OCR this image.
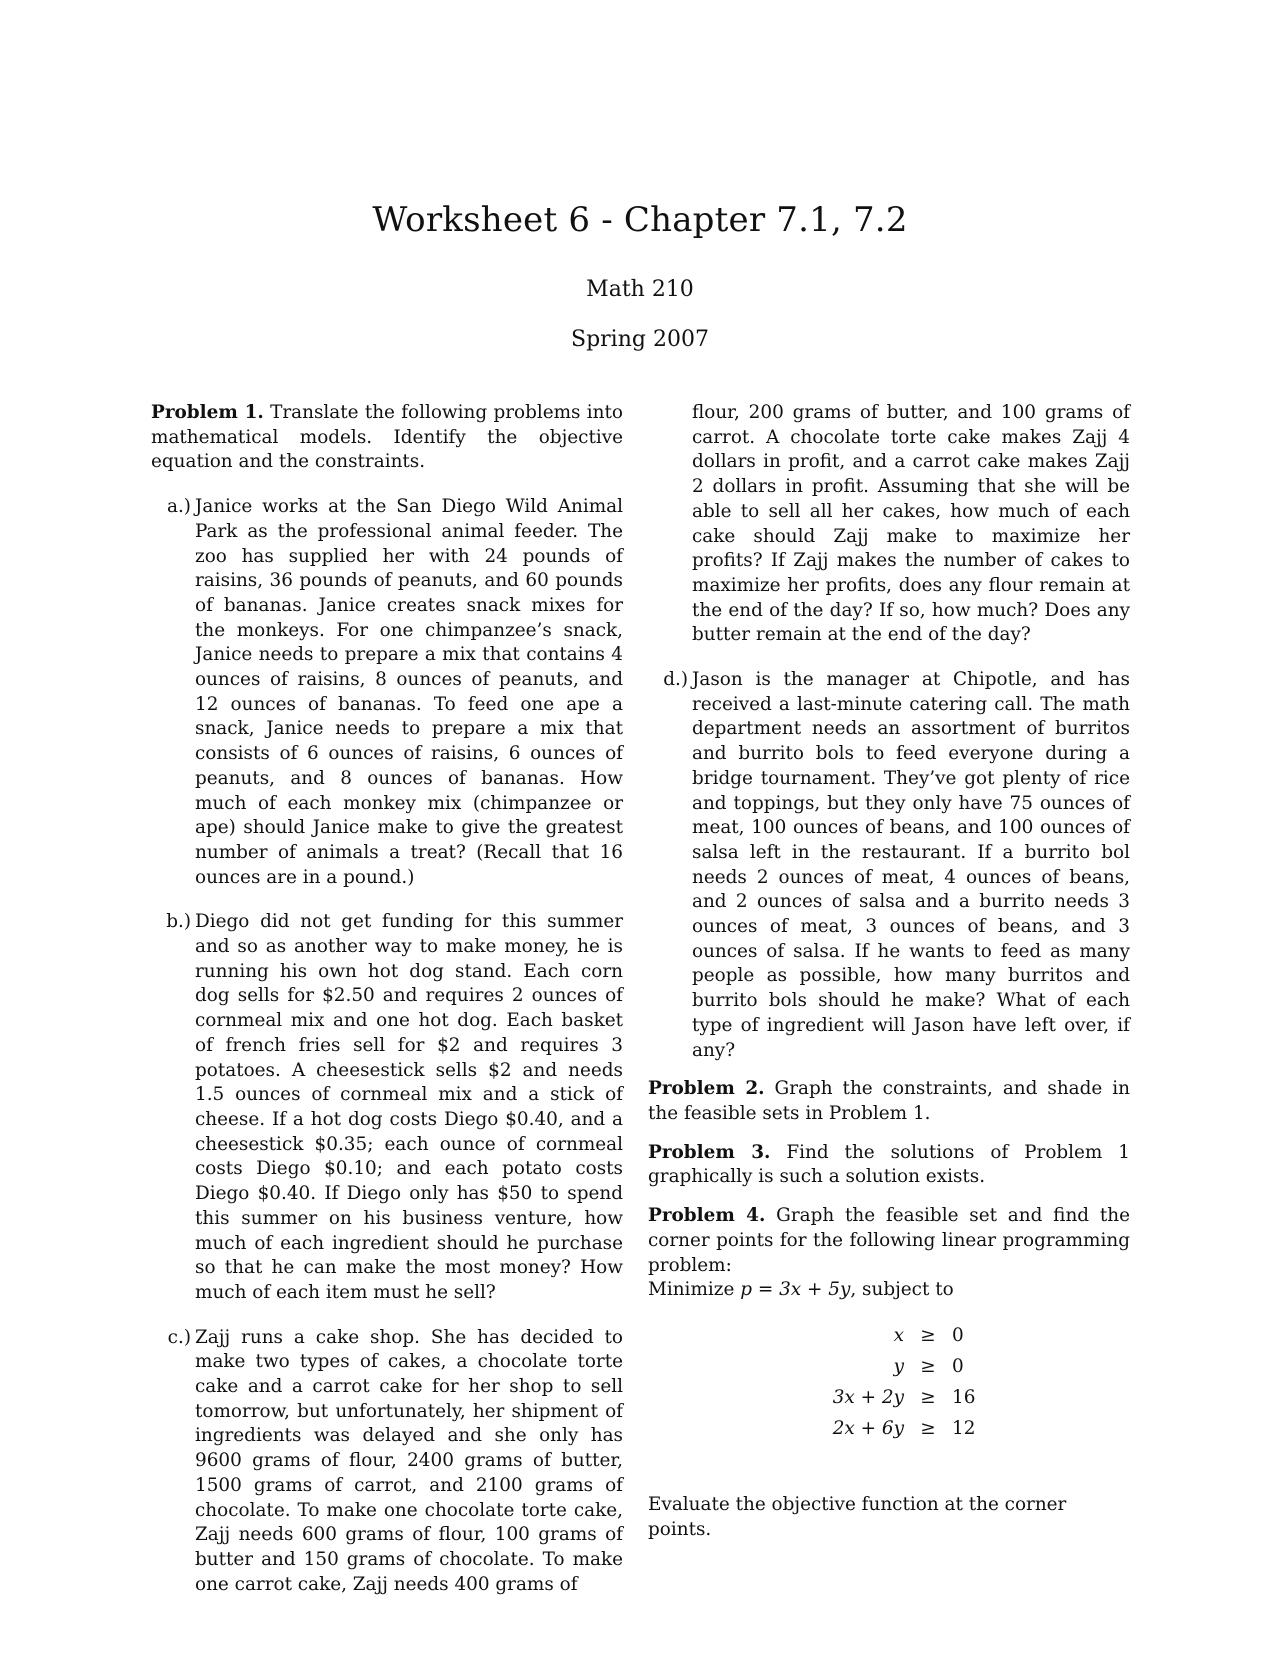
Worksheet 6 - Chapter 7.1, 7.2
Math 210
Spring 2007

Problem 1. Translate the following problems into mathematical models. Identify the objective equation and the constraints.

a.) Janice works at the San Diego Wild Animal Park as the professional animal feeder. The zoo has supplied her with 24 pounds of raisins, 36 pounds of peanuts, and 60 pounds of bananas. Janice creates snack mixes for the monkeys. For one chimpanzee’s snack, Janice needs to prepare a mix that contains 4 ounces of raisins, 8 ounces of peanuts, and 12 ounces of bananas. To feed one ape a snack, Janice needs to prepare a mix that consists of 6 ounces of raisins, 6 ounces of peanuts, and 8 ounces of bananas. How much of each monkey mix (chimpanzee or ape) should Janice make to give the greatest number of animals a treat? (Recall that 16 ounces are in a pound.)
b.) Diego did not get funding for this summer and so as another way to make money, he is running his own hot dog stand. Each corn dog sells for $2.50 and requires 2 ounces of cornmeal mix and one hot dog. Each basket of french fries sell for $2 and requires 3 potatoes. A cheesestick sells $2 and needs 1.5 ounces of cornmeal mix and a stick of cheese. If a hot dog costs Diego $0.40, and a cheesestick $0.35; each ounce of cornmeal costs Diego $0.10; and each potato costs Diego $0.40. If Diego only has $50 to spend this summer on his business venture, how much of each ingredient should he purchase so that he can make the most money? How much of each item must he sell?
c.) Zajj runs a cake shop. She has decided to make two types of cakes, a chocolate torte cake and a carrot cake for her shop to sell tomorrow, but unfortunately, her shipment of ingredients was delayed and she only has 9600 grams of flour, 2400 grams of butter, 1500 grams of carrot, and 2100 grams of chocolate. To make one chocolate torte cake, Zajj needs 600 grams of flour, 100 grams of butter and 150 grams of chocolate. To make one carrot cake, Zajj needs 400 grams of
flour, 200 grams of butter, and 100 grams of carrot. A chocolate torte cake makes Zajj 4 dollars in profit, and a carrot cake makes Zajj 2 dollars in profit. Assuming that she will be able to sell all her cakes, how much of each cake should Zajj make to maximize her profits? If Zajj makes the number of cakes to maximize her profits, does any flour remain at the end of the day? If so, how much? Does any butter remain at the end of the day?
d.) Jason is the manager at Chipotle, and has received a last-minute catering call. The math department needs an assortment of burritos and burrito bols to feed everyone during a bridge tournament. They’ve got plenty of rice and toppings, but they only have 75 ounces of meat, 100 ounces of beans, and 100 ounces of salsa left in the restaurant. If a burrito bol needs 2 ounces of meat, 4 ounces of beans, and 2 ounces of salsa and a burrito needs 3 ounces of meat, 3 ounces of beans, and 3 ounces of salsa. If he wants to feed as many people as possible, how many burritos and burrito bols should he make? What of each type of ingredient will Jason have left over, if any?

Problem 2. Graph the constraints, and shade in the feasible sets in Problem 1.

Problem 3. Find the solutions of Problem 1 graphically is such a solution exists.

Problem 4. Graph the feasible set and find the corner points for the following linear programming problem:

Minimize p = 3x + 5y, subject to

x	≥	0
y	≥	0
3x + 2y	≥	16
2x + 6y	≥	12

Evaluate the objective function at the corner points.
